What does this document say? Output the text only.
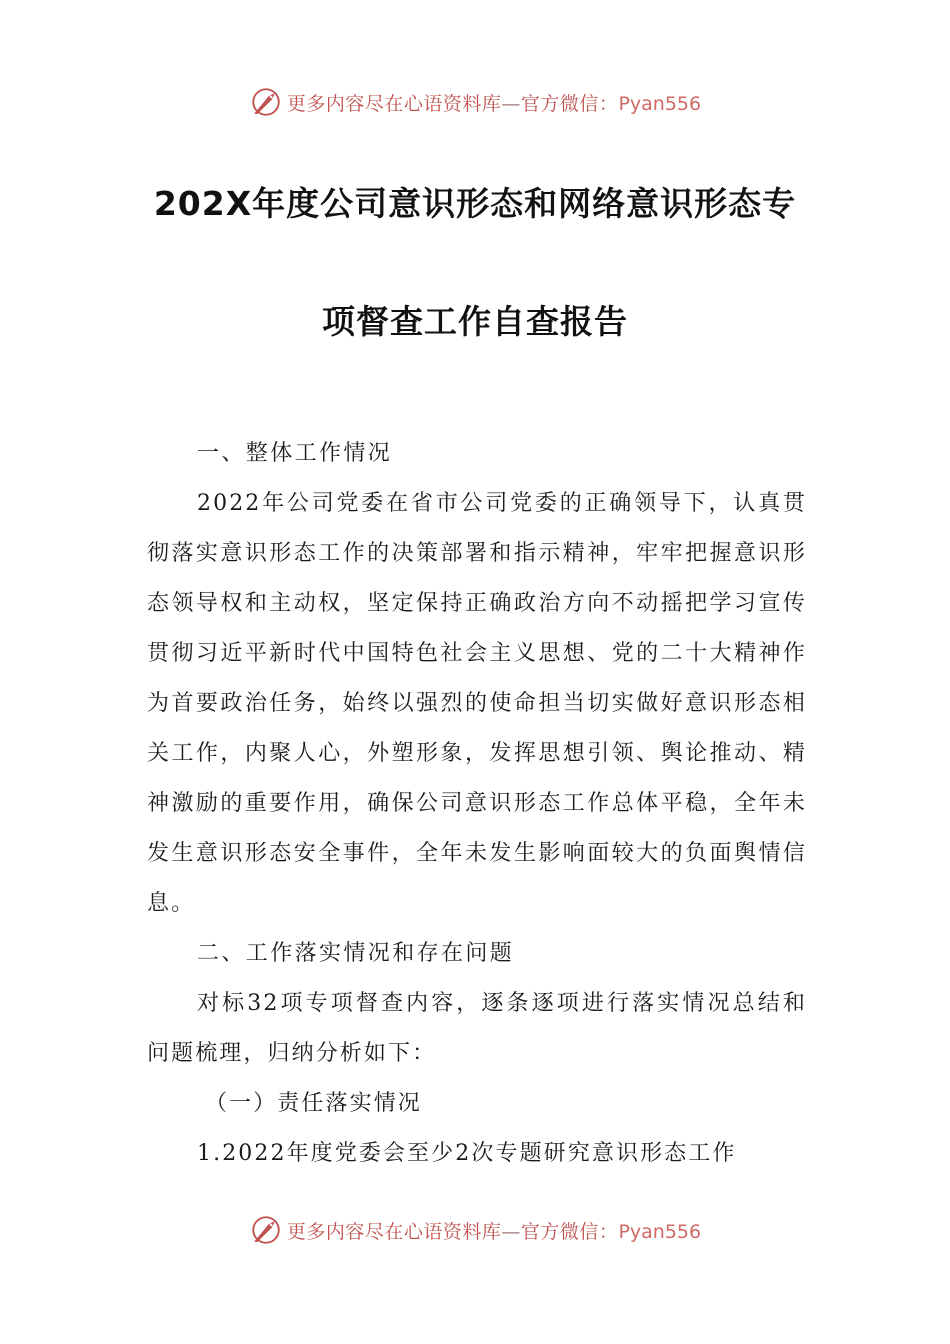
更多内容尽在心语资料库—官方微信：Pyan556
202X年度公司意识形态和网络意识形态专
项督查工作自查报告

一、整体工作情况

2022年公司党委在省市公司党委的正确领导下，认真贯彻落实意识形态工作的决策部署和指示精神，牢牢把握意识形态领导权和主动权，坚定保持正确政治方向不动摇把学习宣传贯彻习近平新时代中国特色社会主义思想、党的二十大精神作为首要政治任务，始终以强烈的使命担当切实做好意识形态相关工作，内聚人心，外塑形象，发挥思想引领、舆论推动、精神激励的重要作用，确保公司意识形态工作总体平稳，全年未发生意识形态安全事件，全年未发生影响面较大的负面舆情信息。

二、工作落实情况和存在问题

对标32项专项督查内容，逐条逐项进行落实情况总结和问题梳理，归纳分析如下：

（一）责任落实情况

1.2022年度党委会至少2次专题研究意识形态工作

更多内容尽在心语资料库—官方微信：Pyan556
